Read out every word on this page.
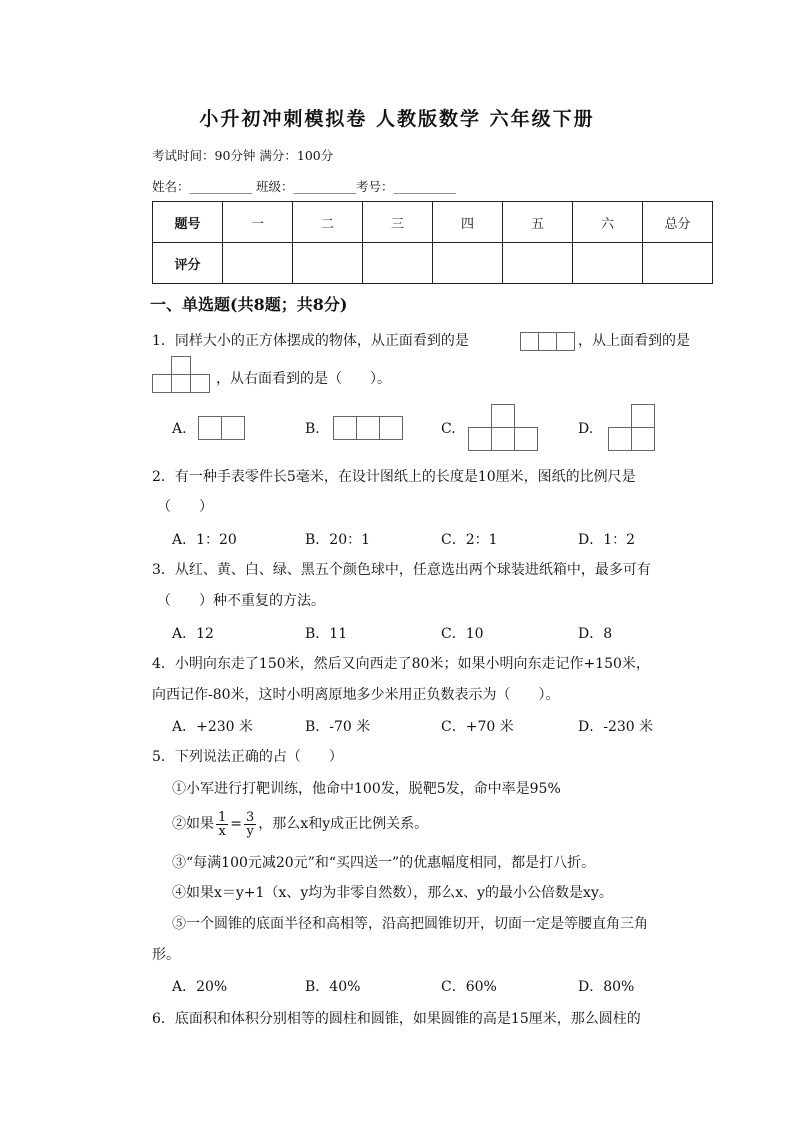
小升初冲刺模拟卷 人教版数学 六年级下册
考试时间：90分钟 满分：100分
姓名：__________ 班级：__________考号：__________
题号	一	二	三	四	五	六	总分
评分							
一、单选题(共8题；共8分)
1．同样大小的正方体摆成的物体，从正面看到的是	，从上面看到的是
，从右面看到的是（　　）。
A.	B.	C.	D.
2．有一种手表零件长5毫米，在设计图纸上的长度是10厘米，图纸的比例尺是
（　　）
A．1：20	B．20：1	C．2：1	D．1：2
3．从红、黄、白、绿、黑五个颜色球中，任意选出两个球装进纸箱中，最多可有
（　　）种不重复的方法。
A．12	B．11	C．10	D．8
4．小明向东走了150米，然后又向西走了80米；如果小明向东走记作+150米，
向西记作-80米，这时小明离原地多少米用正负数表示为（　　）。
A．+230 米	B．-70 米	C．+70 米	D．-230 米
5．下列说法正确的占（　　）
①小军进行打靶训练，他命中100发，脱靶5发，命中率是95%
②如果 $\frac{1}{x} = \frac{3}{y}$ ，那么x和y成正比例关系。
③“每满100元减20元”和“买四送一”的优惠幅度相同，都是打八折。
④如果x＝y+1（x、y均为非零自然数），那么x、y的最小公倍数是xy。
⑤一个圆锥的底面半径和高相等，沿高把圆锥切开，切面一定是等腰直角三角
形。
A．20%	B．40%	C．60%	D．80%
6．底面积和体积分别相等的圆柱和圆锥，如果圆锥的高是15厘米，那么圆柱的
